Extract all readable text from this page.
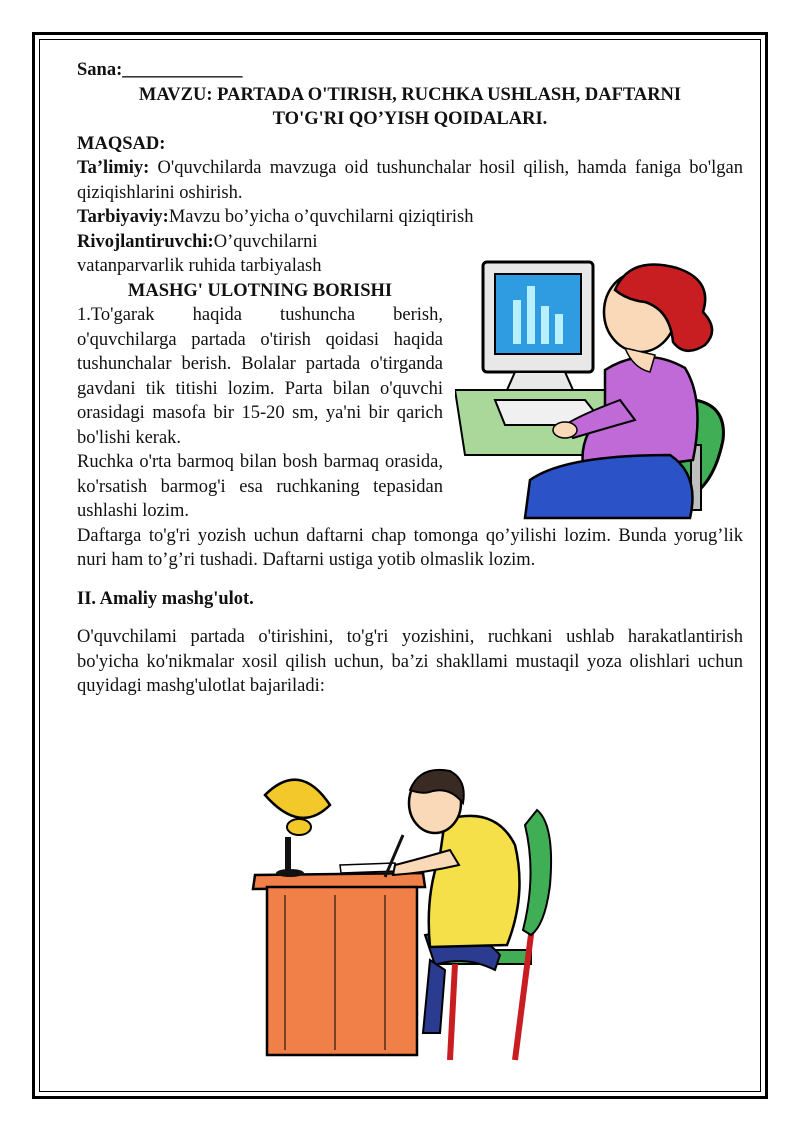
Sana:_____________

MAVZU: PARTADA O'TIRISH, RUCHKA USHLASH, DAFTARNI

TO'G'RI QO’YISH QOIDALARI.

MAQSAD:

Ta’limiy: O'quvchilarda mavzuga oid tushunchalar hosil qilish, hamda faniga bo'lgan qiziqishlarini oshirish.

Tarbiyaviy:Mavzu bo’yicha o’quvchilarni qiziqtirish

Rivojlantiruvchi:O’quvchilarni

vatanparvarlik ruhida tarbiyalash

MASHG' ULOTNING BORISHI

1.To'garak haqida tushuncha berish, o'quvchilarga partada o'tirish qoidasi haqida tushunchalar berish. Bolalar partada o'tirganda gavdani tik titishi lozim. Parta bilan o'quvchi orasidagi masofa bir 15-20 sm, ya'ni bir qarich bo'lishi kerak.

Ruchka o'rta barmoq bilan bosh barmaq orasida, ko'rsatish barmog'i esa ruchkaning tepasidan ushlashi lozim.

Daftarga to'g'ri yozish uchun daftarni chap tomonga qo’yilishi lozim. Bunda yorug’lik nuri ham to’g’ri tushadi. Daftarni ustiga yotib olmaslik lozim.

II. Amaliy mashg'ulot.

O'quvchilami partada o'tirishini, to'g'ri yozishini, ruchkani ushlab harakatlantirish bo'yicha ko'nikmalar xosil qilish uchun, ba’zi shakllami mustaqil yoza olishlari uchun quyidagi mashg'ulotlat bajariladi:
